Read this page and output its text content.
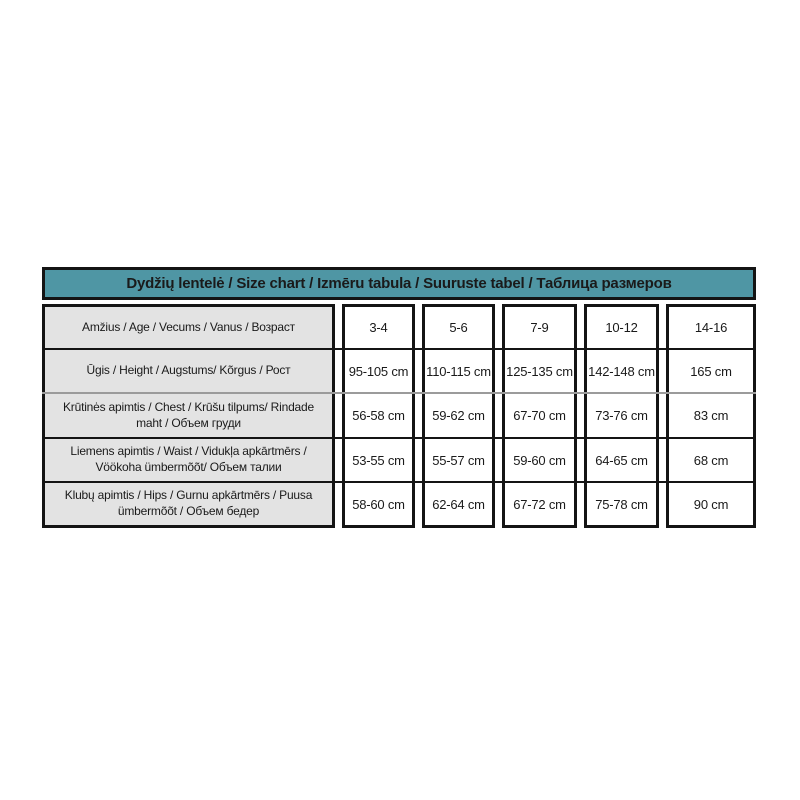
Dydžių lentelė / Size chart / Izmēru tabula / Suuruste tabel / Таблица размеров
Amžius / Age / Vecums / Vanus / Возраст	3-4	5-6	7-9	10-12	14-16
Ūgis / Height / Augstums/ Kõrgus / Рост	95-105 cm	110-115 cm	125-135 cm	142-148 cm	165 cm
Krūtinės apimtis / Chest / Krūšu tilpums/ Rindade maht / Объем груди	56-58 cm	59-62 cm	67-70 cm	73-76 cm	83 cm
Liemens apimtis / Waist / Vidukļa apkārtmērs / Vöökoha ümbermõõt/ Объем талии	53-55 cm	55-57 cm	59-60 cm	64-65 cm	68 cm
Klubų apimtis / Hips / Gurnu apkārtmērs / Puusa ümbermõõt / Объем бедер	58-60 cm	62-64 cm	67-72 cm	75-78 cm	90 cm
